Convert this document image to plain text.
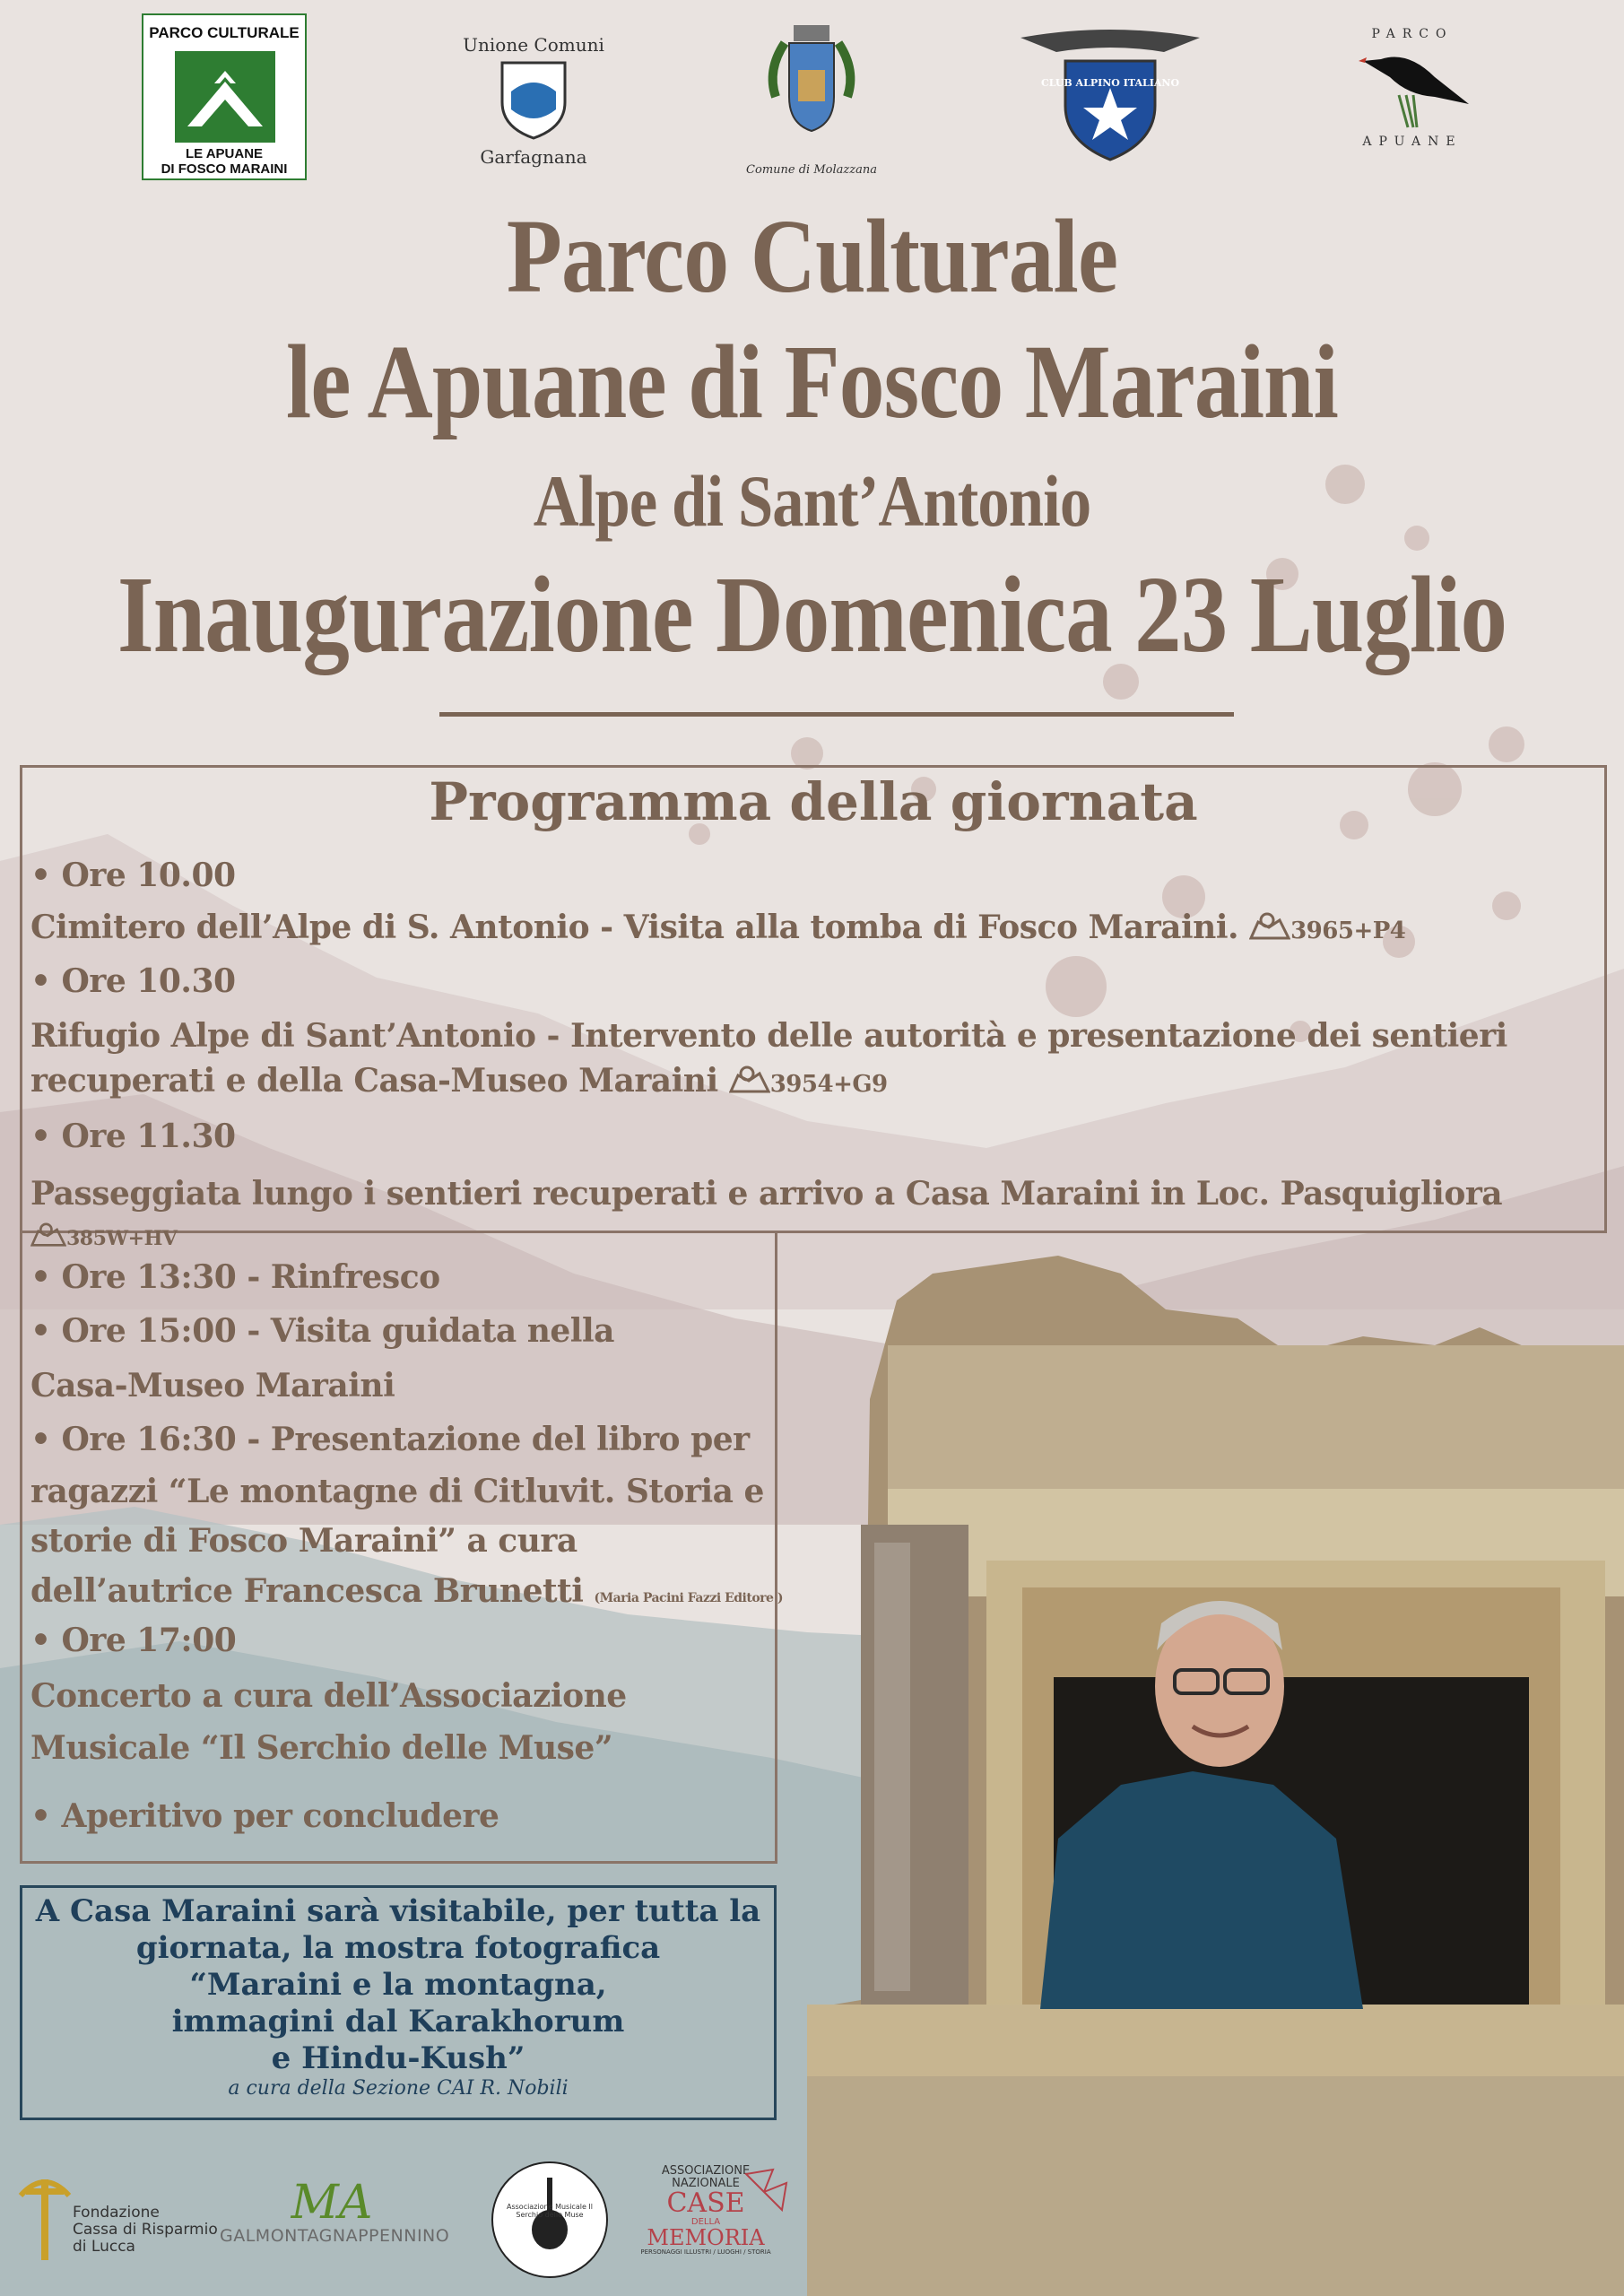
PARCO CULTURALE
LE APUANE
DI FOSCO MARAINI
Unione Comuni
Garfagnana
Comune di Molazzana
CLUB ALPINO ITALIANO
PARCO
APUANE
Parco Culturale
le Apuane di Fosco Maraini
Alpe di Sant’Antonio
Inaugurazione Domenica 23 Luglio
Programma della giornata
• Ore 10.00
Cimitero dell’Alpe di S. Antonio - Visita alla tomba di Fosco Maraini. 3965+P4
• Ore 10.30
Rifugio Alpe di Sant’Antonio - Intervento delle autorità e presentazione dei sentieri
recuperati e della Casa-Museo Maraini 3954+G9
• Ore 11.30
Passeggiata lungo i sentieri recuperati e arrivo a Casa Maraini in Loc. Pasquigliora
385W+HV
• Ore 13:30 - Rinfresco
• Ore 15:00 - Visita guidata nella
Casa-Museo Maraini
• Ore 16:30 - Presentazione del libro per
ragazzi “Le montagne di Citluvit. Storia e
storie di Fosco Maraini” a cura
dell’autrice Francesca Brunetti (Maria Pacini Fazzi Editore )
• Ore 17:00
Concerto a cura dell’Associazione
Musicale “Il Serchio delle Muse”
• Aperitivo per concludere
A Casa Maraini sarà visitabile, per tutta la
giornata, la mostra fotografica
“Maraini e la montagna,
immagini dal Karakhorum
e Hindu-Kush”
a cura della Sezione CAI R. Nobili
Fondazione
Cassa di Risparmio
di Lucca
MA
GALMONTAGNAPPENNINO
Associazione Musicale Il Serchio delle Muse
ASSOCIAZIONE
NAZIONALE
CASE
DELLA
MEMORIA
PERSONAGGI ILLUSTRI / LUOGHI / STORIA
